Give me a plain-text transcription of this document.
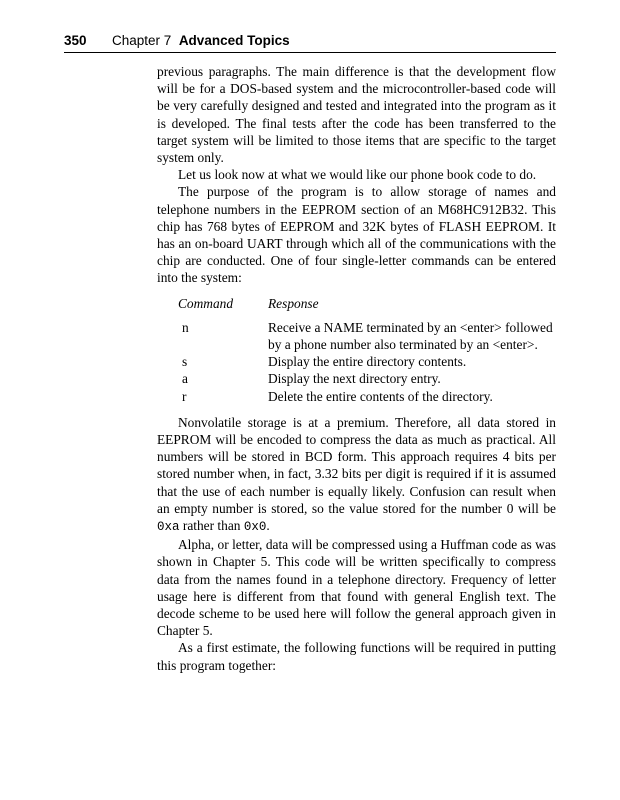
350 Chapter 7 Advanced Topics

previous paragraphs. The main difference is that the development flow will be for a DOS-based system and the microcontroller-based code will be very carefully designed and tested and integrated into the program as it is developed. The final tests after the code has been transferred to the target system will be limited to those items that are specific to the target system only.

Let us look now at what we would like our phone book code to do.

The purpose of the program is to allow storage of names and telephone numbers in the EEPROM section of an M68HC912B32. This chip has 768 bytes of EEPROM and 32K bytes of FLASH EEPROM. It has an on-board UART through which all of the communications with the chip are conducted. One of four single-letter commands can be entered into the system:

Command	Response
n	Receive a NAME terminated by an <enter> followed by a phone number also terminated by an <enter>.
s	Display the entire directory contents.
a	Display the next directory entry.
r	Delete the entire contents of the directory.

Nonvolatile storage is at a premium. Therefore, all data stored in EEPROM will be encoded to compress the data as much as practical. All numbers will be stored in BCD form. This approach requires 4 bits per stored number when, in fact, 3.32 bits per digit is required if it is assumed that the use of each number is equally likely. Confusion can result when an empty number is stored, so the value stored for the number 0 will be 0xa rather than 0x0.

Alpha, or letter, data will be compressed using a Huffman code as was shown in Chapter 5. This code will be written specifically to compress data from the names found in a telephone directory. Frequency of letter usage here is different from that found with general English text. The decode scheme to be used here will follow the general approach given in Chapter 5.

As a first estimate, the following functions will be required in putting this program together:
